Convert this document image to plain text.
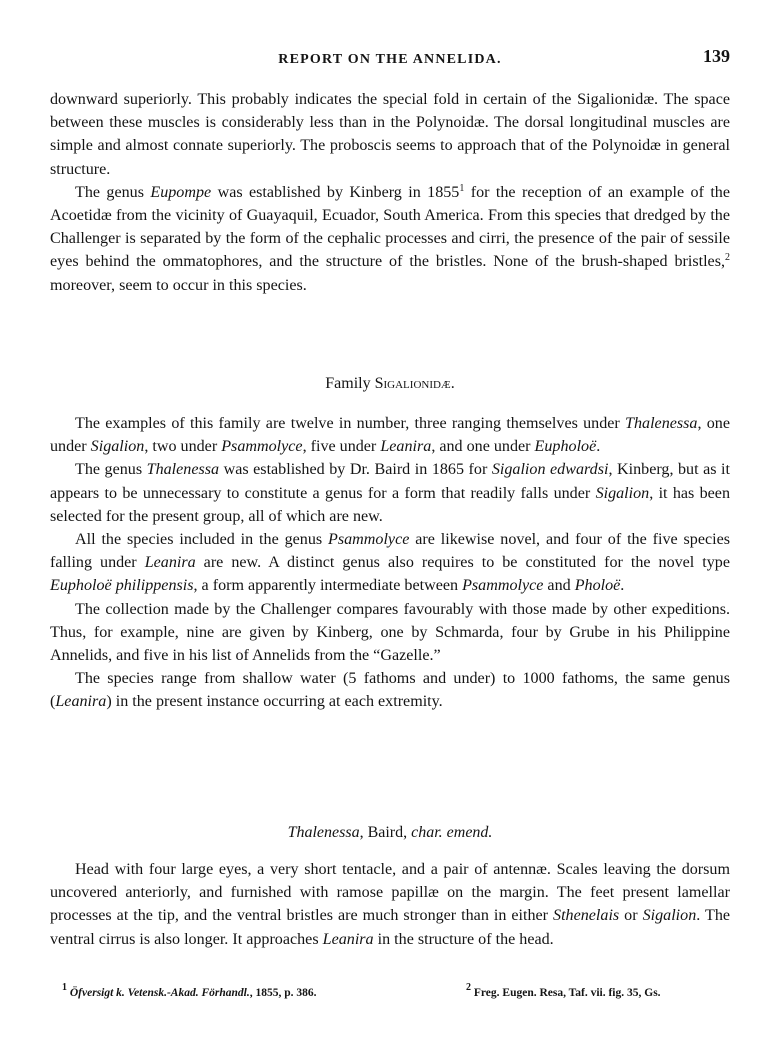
REPORT ON THE ANNELIDA.	139

downward superiorly. This probably indicates the special fold in certain of the Sigalionidæ. The space between these muscles is considerably less than in the Polynoidæ. The dorsal longitudinal muscles are simple and almost connate superiorly. The proboscis seems to approach that of the Polynoidæ in general structure.

The genus Eupompe was established by Kinberg in 1855$^1$ for the reception of an example of the Acoetidæ from the vicinity of Guayaquil, Ecuador, South America. From this species that dredged by the Challenger is separated by the form of the cephalic processes and cirri, the presence of the pair of sessile eyes behind the ommatophores, and the structure of the bristles. None of the brush-shaped bristles,$^2$ moreover, seem to occur in this species.

Family Sigalionidæ.

The examples of this family are twelve in number, three ranging themselves under Thalenessa, one under Sigalion, two under Psammolyce, five under Leanira, and one under Eupholoë.

The genus Thalenessa was established by Dr. Baird in 1865 for Sigalion edwardsi, Kinberg, but as it appears to be unnecessary to constitute a genus for a form that readily falls under Sigalion, it has been selected for the present group, all of which are new.

All the species included in the genus Psammolyce are likewise novel, and four of the five species falling under Leanira are new. A distinct genus also requires to be constituted for the novel type Eupholoë philippensis, a form apparently intermediate between Psammolyce and Pholoë.

The collection made by the Challenger compares favourably with those made by other expeditions. Thus, for example, nine are given by Kinberg, one by Schmarda, four by Grube in his Philippine Annelids, and five in his list of Annelids from the “Gazelle.”

The species range from shallow water (5 fathoms and under) to 1000 fathoms, the same genus (Leanira) in the present instance occurring at each extremity.

Thalenessa, Baird, char. emend.

Head with four large eyes, a very short tentacle, and a pair of antennæ. Scales leaving the dorsum uncovered anteriorly, and furnished with ramose papillæ on the margin. The feet present lamellar processes at the tip, and the ventral bristles are much stronger than in either Sthenelais or Sigalion. The ventral cirrus is also longer. It approaches Leanira in the structure of the head.

$^1$ Öfversigt k. Vetensk.-Akad. Förhandl., 1855, p. 386.	$^2$ Freg. Eugen. Resa, Taf. vii. fig. 35, Gs.
